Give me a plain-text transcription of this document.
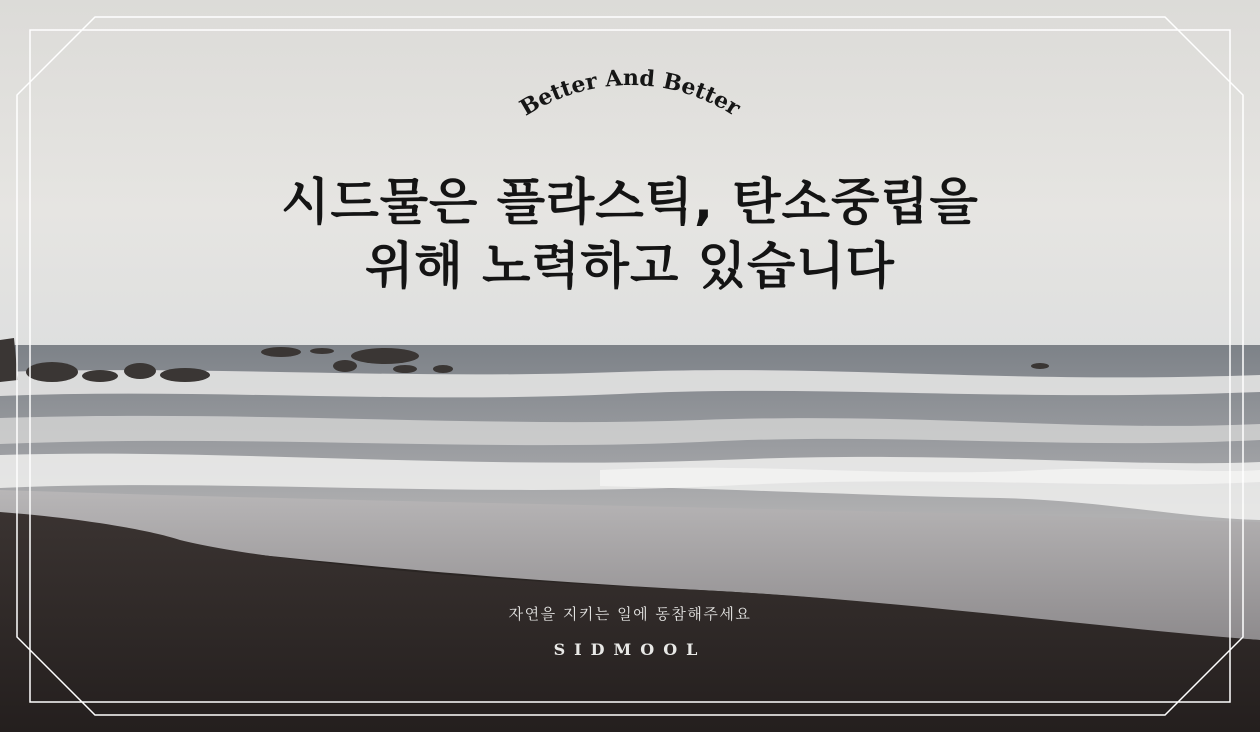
Better And Better
시드물은 플라스틱, 탄소중립을
위해 노력하고 있습니다
자연을 지키는 일에 동참해주세요
SIDMOOL
